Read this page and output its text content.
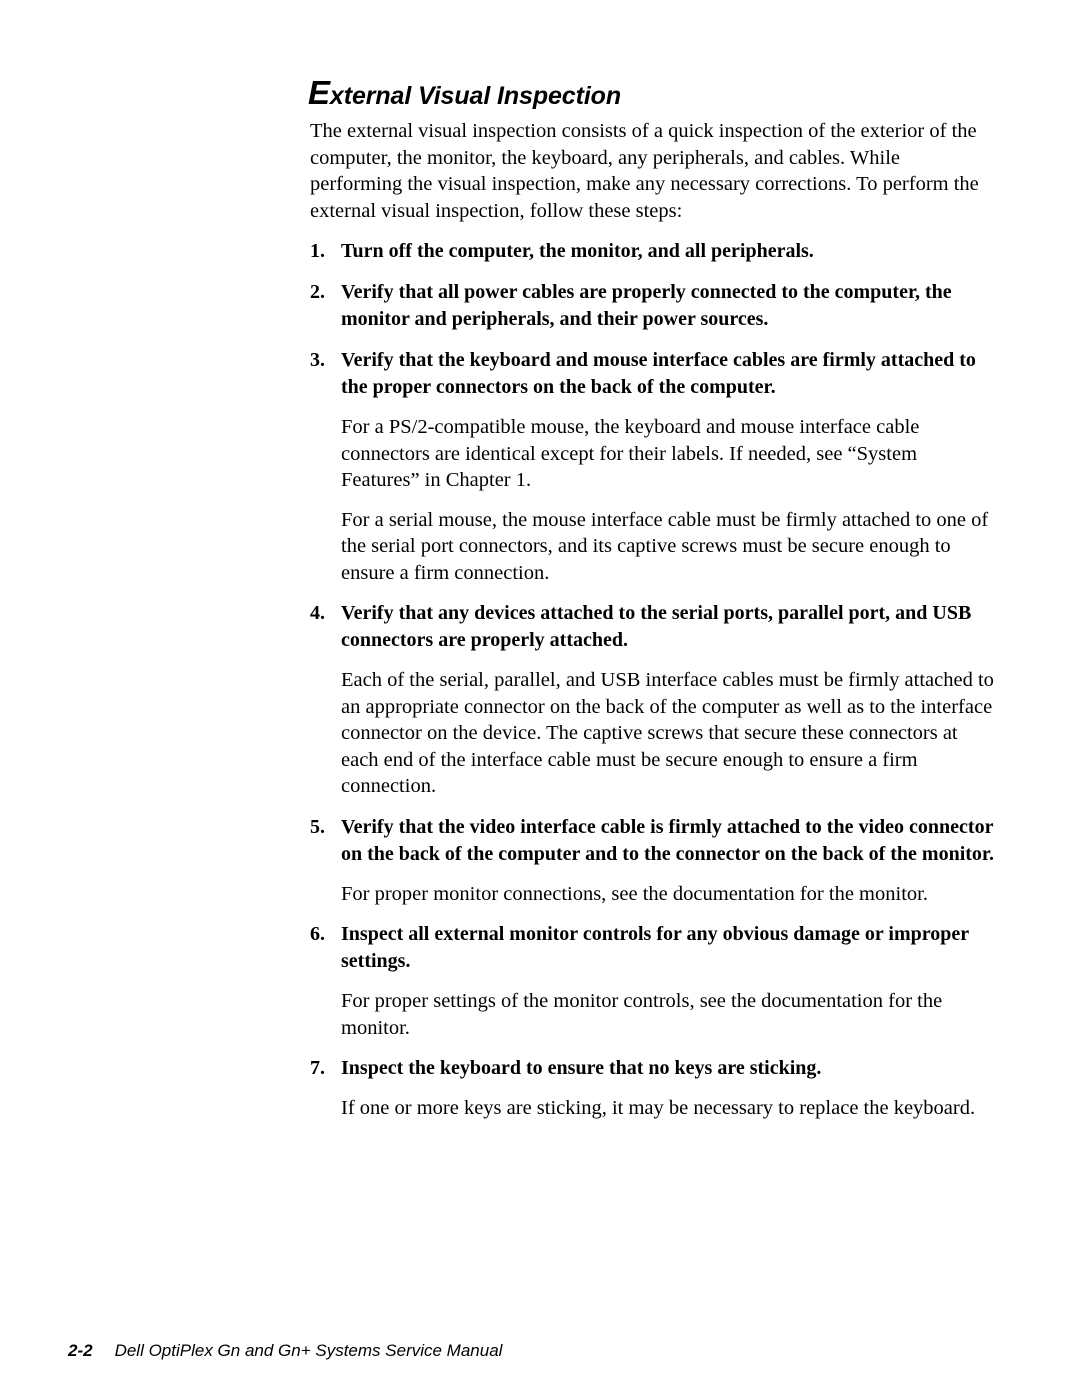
External Visual Inspection

The external visual inspection consists of a quick inspection of the exterior of the computer, the monitor, the keyboard, any peripherals, and cables. While performing the visual inspection, make any necessary corrections. To perform the external visual inspection, follow these steps:

1. Turn off the computer, the monitor, and all peripherals.
2. Verify that all power cables are properly connected to the computer, the monitor and peripherals, and their power sources.
3. Verify that the keyboard and mouse interface cables are firmly attached to the proper connectors on the back of the computer.

For a PS/2-compatible mouse, the keyboard and mouse interface cable connectors are identical except for their labels. If needed, see “System Features” in Chapter 1.

For a serial mouse, the mouse interface cable must be firmly attached to one of the serial port connectors, and its captive screws must be secure enough to ensure a firm connection.

4. Verify that any devices attached to the serial ports, parallel port, and USB connectors are properly attached.

Each of the serial, parallel, and USB interface cables must be firmly attached to an appropriate connector on the back of the computer as well as to the interface connector on the device. The captive screws that secure these connectors at each end of the interface cable must be secure enough to ensure a firm connection.

5. Verify that the video interface cable is firmly attached to the video connector on the back of the computer and to the connector on the back of the monitor.

For proper monitor connections, see the documentation for the monitor.

6. Inspect all external monitor controls for any obvious damage or improper settings.

For proper settings of the monitor controls, see the documentation for the monitor.

7. Inspect the keyboard to ensure that no keys are sticking.

If one or more keys are sticking, it may be necessary to replace the keyboard.

2-2 Dell OptiPlex Gn and Gn+ Systems Service Manual
